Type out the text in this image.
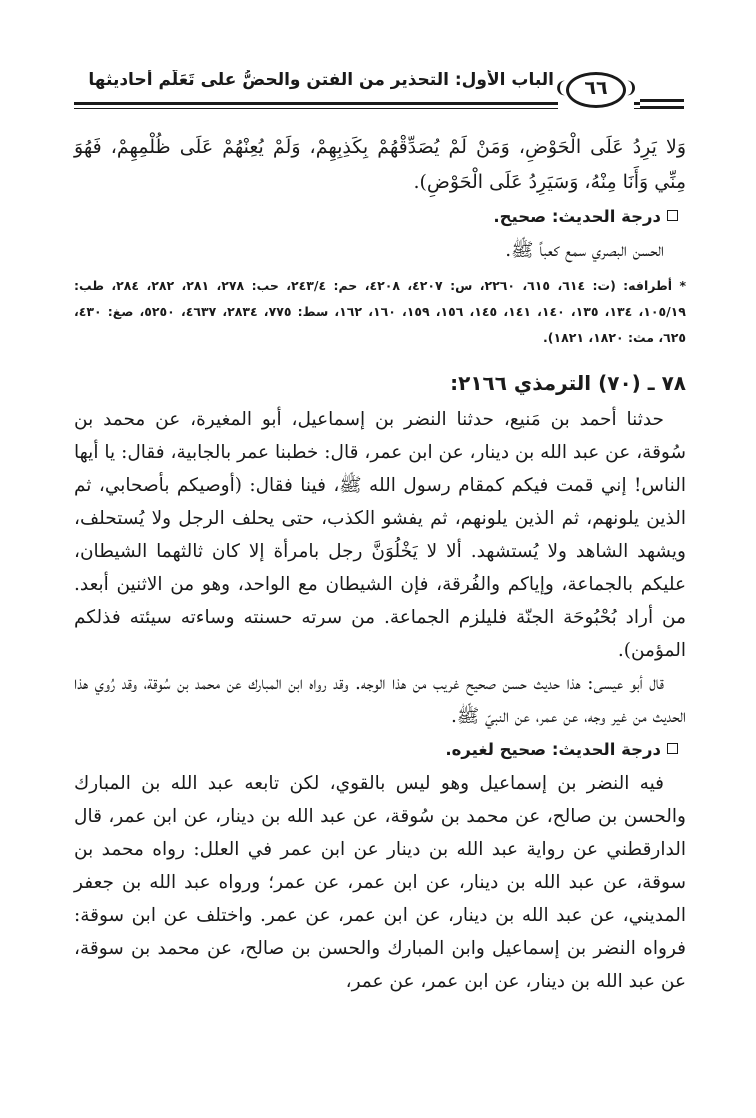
الباب الأول: التحذير من الفتن والحضُّ على تَعَلُّم أَحاديثها ❨ ٦٦	❩

وَلا يَرِدُ عَلَى الْحَوْضِ، وَمَنْ لَمْ يُصَدِّقْهُمْ بِكَذِبِهِمْ، وَلَمْ يُعِنْهُمْ عَلَى ظُلْمِهِمْ، فَهُوَ مِنِّي وَأَنَا مِنْهُ، وَسَيَرِدُ عَلَى الْحَوْضِ).

درجة الحديث: صحيح.

الحسن البصري سمع كعباً ﷺ.

* أطرافه: (ت: ٦١٤، ٦١٥، ٢٢٦٠، س: ٤٢٠٧، ٤٢٠٨، حم: ٢٤٣/٤، حب: ٢٧٨، ٢٨١، ٢٨٢، ٢٨٤، طب: ١٠٥/١٩، ١٣٤، ١٣٥، ١٤٠، ١٤١، ١٤٥، ١٥٦، ١٥٩، ١٦٠، ١٦٢، سط: ٧٧٥، ٢٨٣٤، ٤٦٣٧، ٥٢٥٠، صغ: ٤٣٠، ٦٢٥، مث: ١٨٢٠، ١٨٢١).

٧٨ ـ (٧٠) الترمذي ٢١٦٦:

حدثنا أحمد بن مَنيع، حدثنا النضر بن إسماعيل، أبو المغيرة، عن محمد بن سُوقة، عن عبد الله بن دينار، عن ابن عمر، قال: خطبنا عمر بالجابية، فقال: يا أيها الناس! إني قمت فيكم كمقام رسول الله ﷺ، فينا فقال: (أوصيكم بأصحابي، ثم الذين يلونهم، ثم الذين يلونهم، ثم يفشو الكذب، حتى يحلف الرجل ولا يُستحلف، ويشهد الشاهد ولا يُستشهد. ألا لا يَخْلُوَنَّ رجل بامرأة إلا كان ثالثهما الشيطان، عليكم بالجماعة، وإياكم والفُرقة، فإن الشيطان مع الواحد، وهو من الاثنين أبعد. من أراد بُحْبُوحَة الجنّة فليلزم الجماعة. من سرته حسنته وساءته سيئته فذلكم المؤمن).

قال أبو عيسى: هذا حديث حسن صحيح غريب من هذا الوجه. وقد رواه ابن المبارك عن محمد بن سُوقة، وقد رُوي هذا الحديث من غير وجه، عن عمر، عن النبيّ ﷺ.

درجة الحديث: صحيح لغيره.

فيه النضر بن إسماعيل وهو ليس بالقوي، لكن تابعه عبد الله بن المبارك والحسن بن صالح، عن محمد بن سُوقة، عن عبد الله بن دينار، عن ابن عمر، قال الدارقطني عن رواية عبد الله بن دينار عن ابن عمر في العلل: رواه محمد بن سوقة، عن عبد الله بن دينار، عن ابن عمر، عن عمر؛ ورواه عبد الله بن جعفر المديني، عن عبد الله بن دينار، عن ابن عمر، عن عمر. واختلف عن ابن سوقة: فرواه النضر بن إسماعيل وابن المبارك والحسن بن صالح، عن محمد بن سوقة، عن عبد الله بن دينار، عن ابن عمر، عن عمر،
